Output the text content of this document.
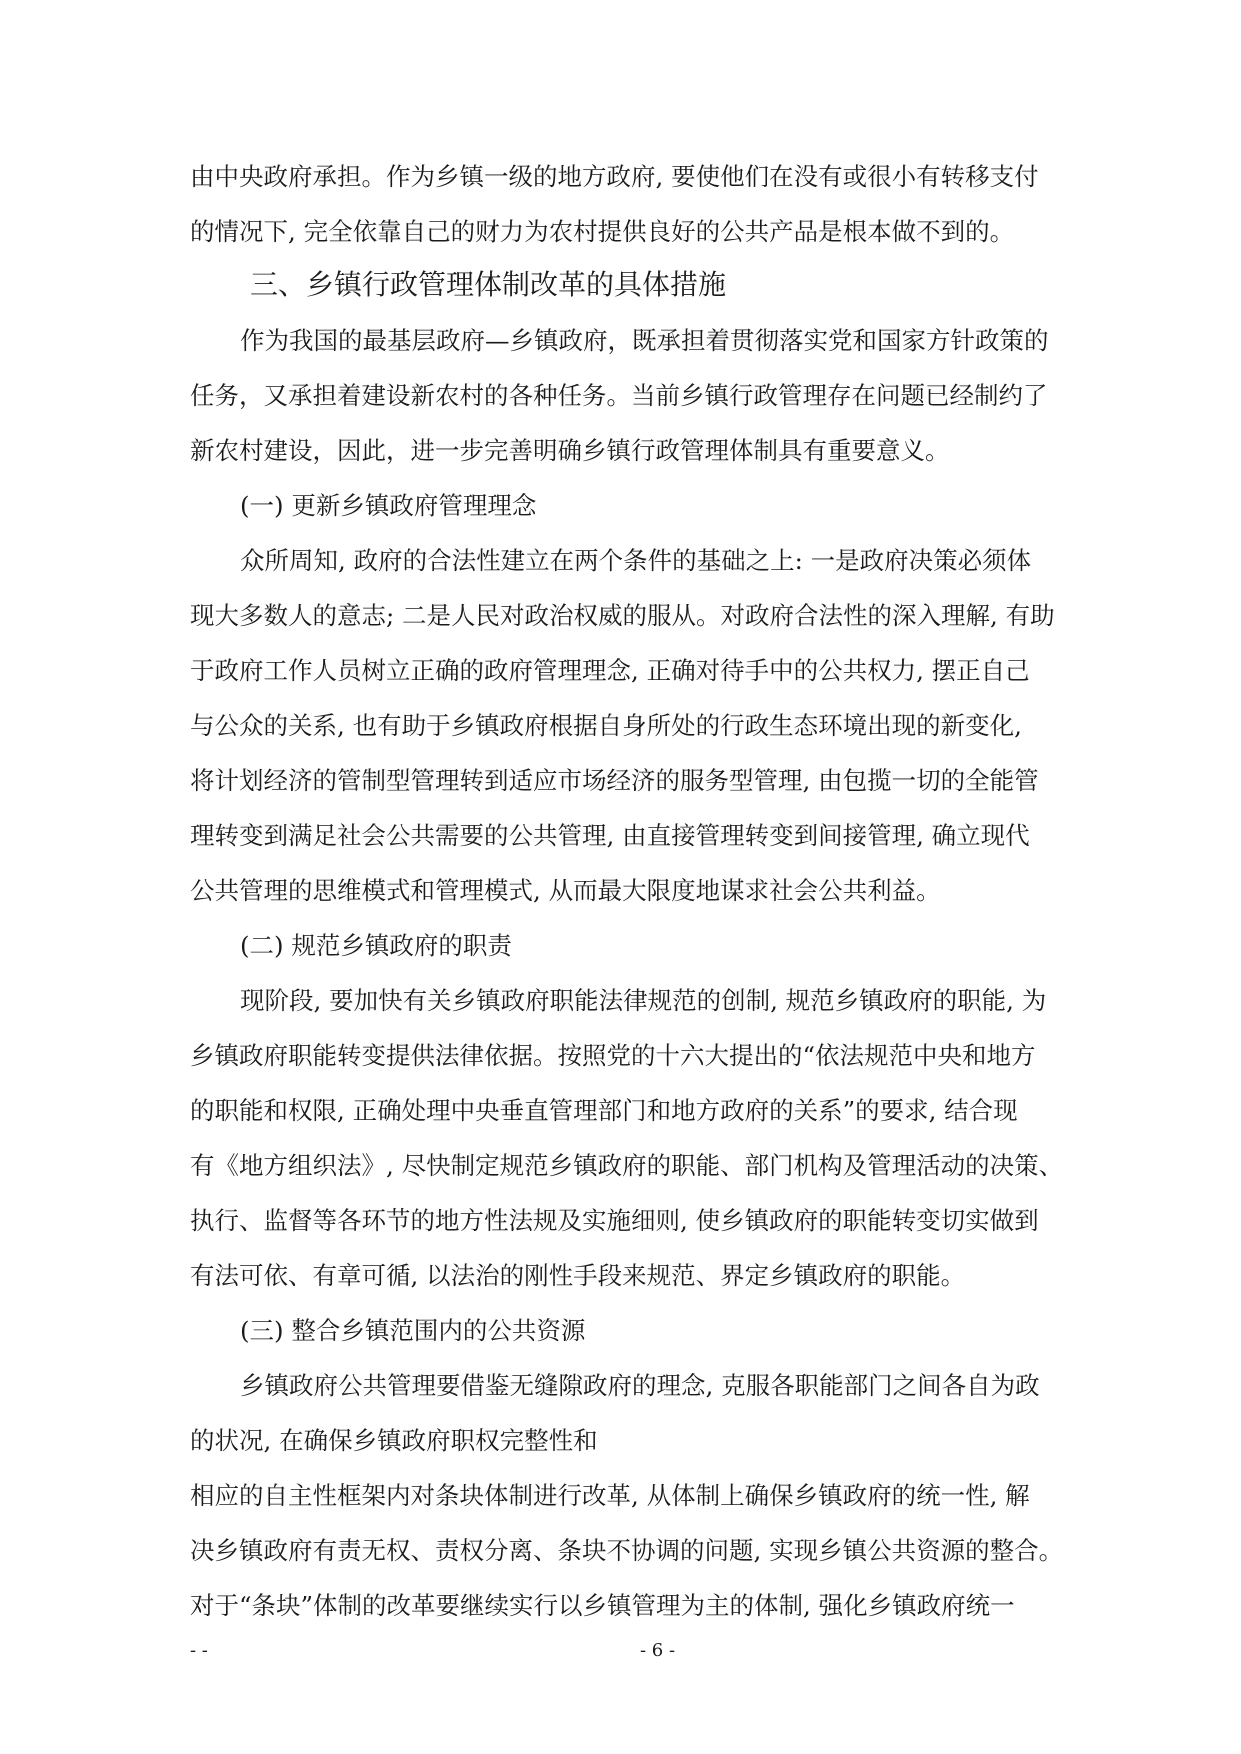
由中央政府承担。作为乡镇一级的地方政府, 要使他们在没有或很小有转移支付
的情况下, 完全依靠自己的财力为农村提供良好的公共产品是根本做不到的。
三、乡镇行政管理体制改革的具体措施
作为我国的最基层政府—乡镇政府，既承担着贯彻落实党和国家方针政策的
任务，又承担着建设新农村的各种任务。当前乡镇行政管理存在问题已经制约了
新农村建设，因此，进一步完善明确乡镇行政管理体制具有重要意义。
(一) 更新乡镇政府管理理念
众所周知, 政府的合法性建立在两个条件的基础之上: 一是政府决策必须体
现大多数人的意志; 二是人民对政治权威的服从。对政府合法性的深入理解, 有助
于政府工作人员树立正确的政府管理理念, 正确对待手中的公共权力, 摆正自己
与公众的关系, 也有助于乡镇政府根据自身所处的行政生态环境出现的新变化,
将计划经济的管制型管理转到适应市场经济的服务型管理, 由包揽一切的全能管
理转变到满足社会公共需要的公共管理, 由直接管理转变到间接管理, 确立现代
公共管理的思维模式和管理模式, 从而最大限度地谋求社会公共利益。
(二) 规范乡镇政府的职责
现阶段, 要加快有关乡镇政府职能法律规范的创制, 规范乡镇政府的职能, 为
乡镇政府职能转变提供法律依据。按照党的十六大提出的“依法规范中央和地方
的职能和权限, 正确处理中央垂直管理部门和地方政府的关系”的要求, 结合现
有《地方组织法》, 尽快制定规范乡镇政府的职能、部门机构及管理活动的决策、
执行、监督等各环节的地方性法规及实施细则, 使乡镇政府的职能转变切实做到
有法可依、有章可循, 以法治的刚性手段来规范、界定乡镇政府的职能。
(三) 整合乡镇范围内的公共资源
乡镇政府公共管理要借鉴无缝隙政府的理念, 克服各职能部门之间各自为政
的状况, 在确保乡镇政府职权完整性和
相应的自主性框架内对条块体制进行改革, 从体制上确保乡镇政府的统一性, 解
决乡镇政府有责无权、责权分离、条块不协调的问题, 实现乡镇公共资源的整合。
对于“条块”体制的改革要继续实行以乡镇管理为主的体制, 强化乡镇政府统一
- -	- 6 -
